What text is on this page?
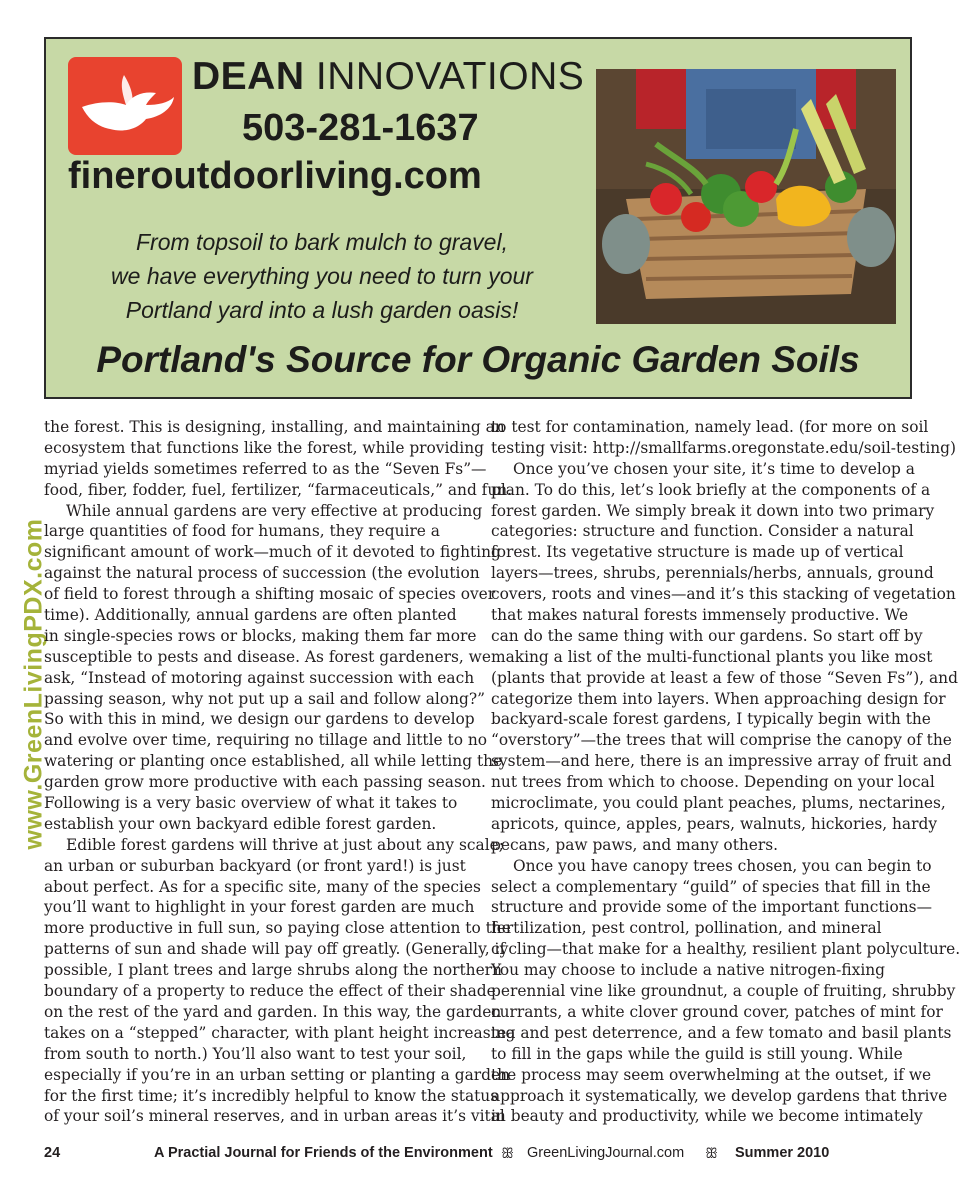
DEAN INNOVATIONS
503-281-1637
fineroutdoorliving.com
From topsoil to bark mulch to gravel,
we have everything you need to turn your
Portland yard into a lush garden oasis!
Portland's Source for Organic Garden Soils
www.GreenLivingPDX.com
the forest. This is designing, installing, and maintaining an
ecosystem that functions like the forest, while providing
myriad yields sometimes referred to as the “Seven Fs”—
food, fiber, fodder, fuel, fertilizer, “farmaceuticals,” and fun.
While annual gardens are very effective at producing
large quantities of food for humans, they require a
significant amount of work—much of it devoted to fighting
against the natural process of succession (the evolution
of field to forest through a shifting mosaic of species over
time). Additionally, annual gardens are often planted
in single-species rows or blocks, making them far more
susceptible to pests and disease. As forest gardeners, we
ask, “Instead of motoring against succession with each
passing season, why not put up a sail and follow along?”
So with this in mind, we design our gardens to develop
and evolve over time, requiring no tillage and little to no
watering or planting once established, all while letting the
garden grow more productive with each passing season.
Following is a very basic overview of what it takes to
establish your own backyard edible forest garden.
Edible forest gardens will thrive at just about any scale;
an urban or suburban backyard (or front yard!) is just
about perfect. As for a specific site, many of the species
you’ll want to highlight in your forest garden are much
more productive in full sun, so paying close attention to the
patterns of sun and shade will pay off greatly. (Generally, if
possible, I plant trees and large shrubs along the northern
boundary of a property to reduce the effect of their shade
on the rest of the yard and garden. In this way, the garden
takes on a “stepped” character, with plant height increasing
from south to north.) You’ll also want to test your soil,
especially if you’re in an urban setting or planting a garden
for the first time; it’s incredibly helpful to know the status
of your soil’s mineral reserves, and in urban areas it’s vital
to test for contamination, namely lead. (for more on soil
testing visit: http://smallfarms.oregonstate.edu/soil-testing)
Once you’ve chosen your site, it’s time to develop a
plan. To do this, let’s look briefly at the components of a
forest garden. We simply break it down into two primary
categories: structure and function. Consider a natural
forest. Its vegetative structure is made up of vertical
layers—trees, shrubs, perennials/herbs, annuals, ground
covers, roots and vines—and it’s this stacking of vegetation
that makes natural forests immensely productive. We
can do the same thing with our gardens. So start off by
making a list of the multi-functional plants you like most
(plants that provide at least a few of those “Seven Fs”), and
categorize them into layers. When approaching design for
backyard-scale forest gardens, I typically begin with the
“overstory”—the trees that will comprise the canopy of the
system—and here, there is an impressive array of fruit and
nut trees from which to choose. Depending on your local
microclimate, you could plant peaches, plums, nectarines,
apricots, quince, apples, pears, walnuts, hickories, hardy
pecans, paw paws, and many others.
Once you have canopy trees chosen, you can begin to
select a complementary “guild” of species that fill in the
structure and provide some of the important functions—
fertilization, pest control, pollination, and mineral
cycling—that make for a healthy, resilient plant polyculture.
You may choose to include a native nitrogen-fixing
perennial vine like groundnut, a couple of fruiting, shrubby
currants, a white clover ground cover, patches of mint for
tea and pest deterrence, and a few tomato and basil plants
to fill in the gaps while the guild is still young. While
the process may seem overwhelming at the outset, if we
approach it systematically, we develop gardens that thrive
in beauty and productivity, while we become intimately
24	A Practial Journal for Friends of the Environment ꕥ GreenLivingJournal.com ꕥ Summer 2010
